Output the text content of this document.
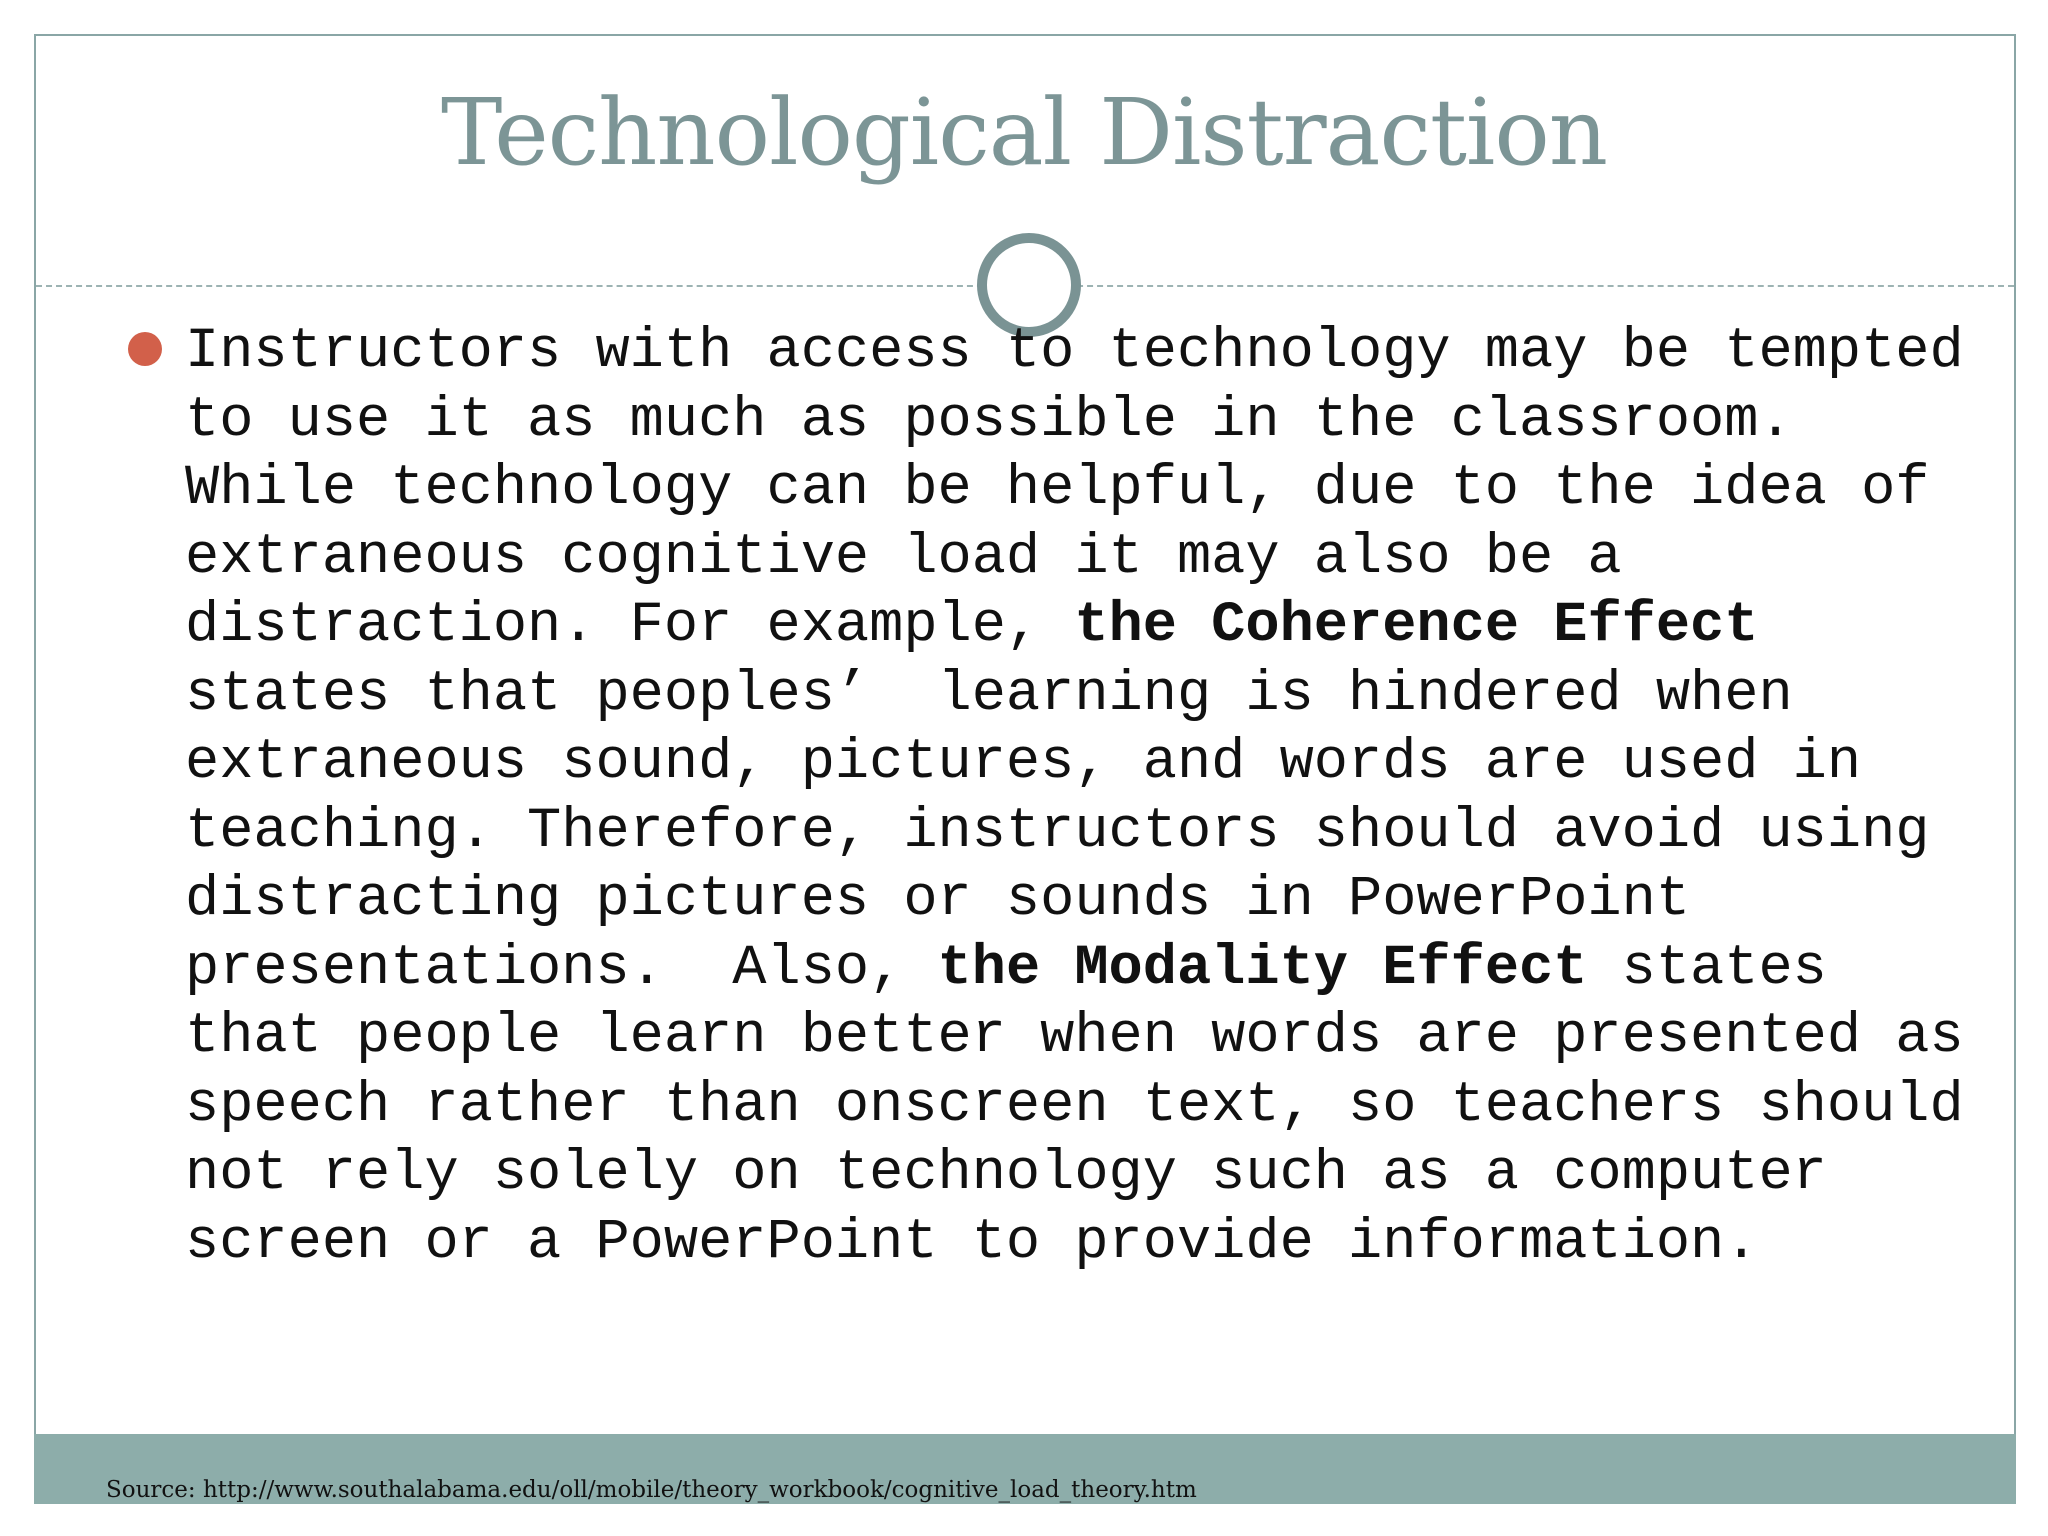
Technological Distraction
Instructors with access to technology may be tempted
to use it as much as possible in the classroom.
While technology can be helpful, due to the idea of
extraneous cognitive load it may also be a
distraction. For example, the Coherence Effect
states that peoples’  learning is hindered when
extraneous sound, pictures, and words are used in
teaching. Therefore, instructors should avoid using
distracting pictures or sounds in PowerPoint
presentations.  Also, the Modality Effect states
that people learn better when words are presented as
speech rather than onscreen text, so teachers should
not rely solely on technology such as a computer
screen or a PowerPoint to provide information.
Source: http://www.southalabama.edu/oll/mobile/theory_workbook/cognitive_load_theory.htm
